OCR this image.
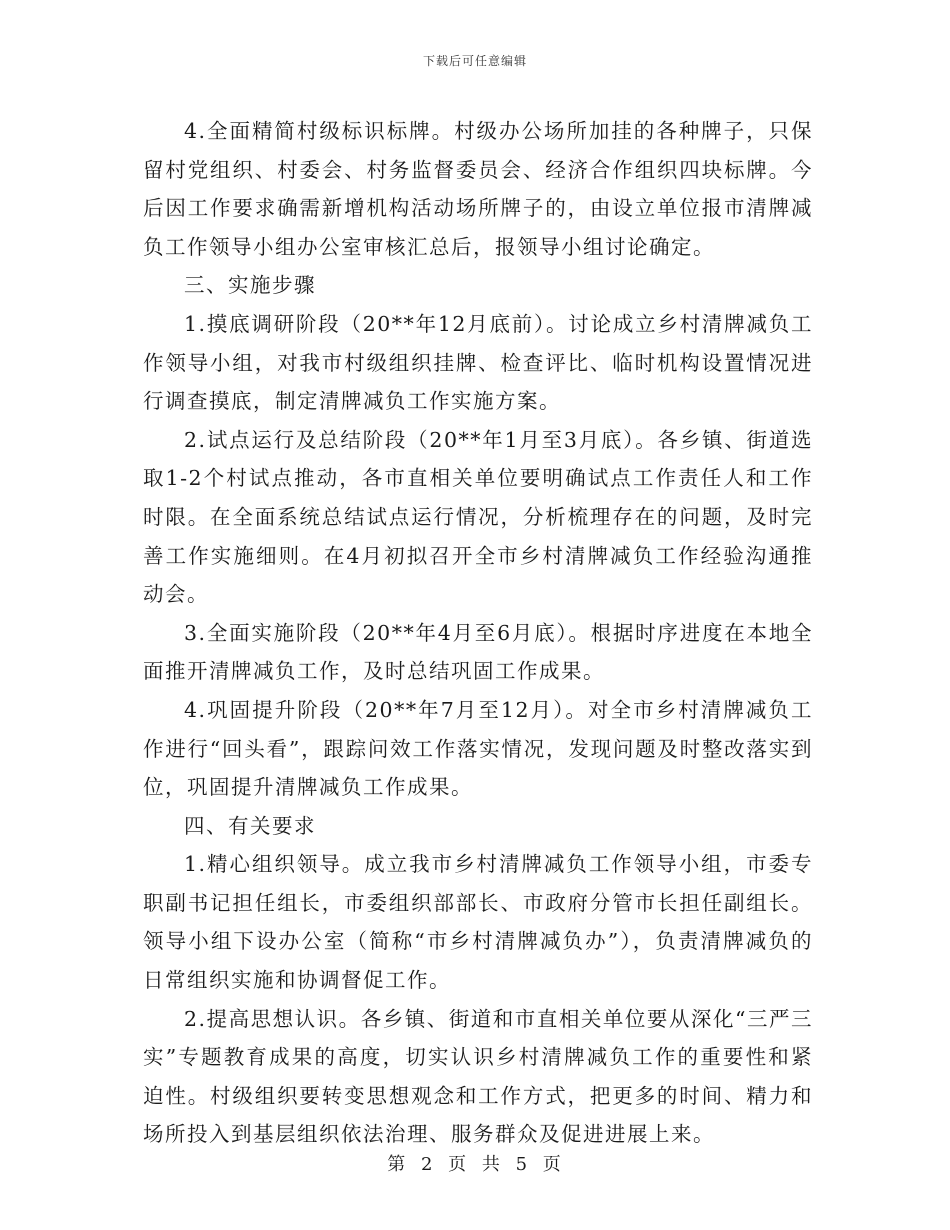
下载后可任意编辑

4.全面精简村级标识标牌。村级办公场所加挂的各种牌子，只保留村党组织、村委会、村务监督委员会、经济合作组织四块标牌。今后因工作要求确需新增机构活动场所牌子的，由设立单位报市清牌减负工作领导小组办公室审核汇总后，报领导小组讨论确定。

三、实施步骤

1.摸底调研阶段（20**年12月底前）。讨论成立乡村清牌减负工作领导小组，对我市村级组织挂牌、检查评比、临时机构设置情况进行调查摸底，制定清牌减负工作实施方案。

2.试点运行及总结阶段（20**年1月至3月底）。各乡镇、街道选取1-2个村试点推动，各市直相关单位要明确试点工作责任人和工作时限。在全面系统总结试点运行情况，分析梳理存在的问题，及时完善工作实施细则。在4月初拟召开全市乡村清牌减负工作经验沟通推动会。

3.全面实施阶段（20**年4月至6月底）。根据时序进度在本地全面推开清牌减负工作，及时总结巩固工作成果。

4.巩固提升阶段（20**年7月至12月）。对全市乡村清牌减负工作进行“回头看”，跟踪问效工作落实情况，发现问题及时整改落实到位，巩固提升清牌减负工作成果。

四、有关要求

1.精心组织领导。成立我市乡村清牌减负工作领导小组，市委专职副书记担任组长，市委组织部部长、市政府分管市长担任副组长。领导小组下设办公室（简称“市乡村清牌减负办”），负责清牌减负的日常组织实施和协调督促工作。

2.提高思想认识。各乡镇、街道和市直相关单位要从深化“三严三实”专题教育成果的高度，切实认识乡村清牌减负工作的重要性和紧迫性。村级组织要转变思想观念和工作方式，把更多的时间、精力和场所投入到基层组织依法治理、服务群众及促进进展上来。

第 2 页 共 5 页
